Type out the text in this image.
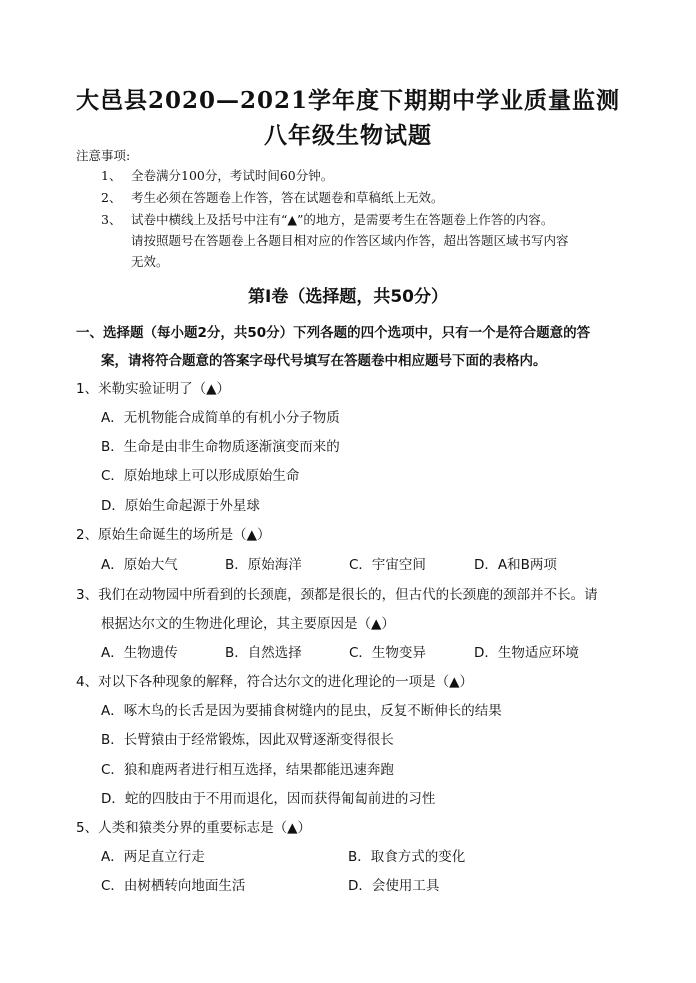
大邑县2020—2021学年度下期期中学业质量监测
八年级生物试题
注意事项:
1、 全卷满分100分，考试时间60分钟。
2、 考生必须在答题卷上作答，答在试题卷和草稿纸上无效。
3、 试卷中横线上及括号中注有“▲”的地方，是需要考生在答题卷上作答的内容。
请按照题号在答题卷上各题目相对应的作答区域内作答，超出答题区域书写内容
无效。
第Ⅰ卷（选择题，共50分）
一、选择题（每小题2分，共50分）下列各题的四个选项中，只有一个是符合题意的答
案，请将符合题意的答案字母代号填写在答题卷中相应题号下面的表格内。
1、米勒实验证明了（▲）
A．无机物能合成简单的有机小分子物质
B．生命是由非生命物质逐渐演变而来的
C．原始地球上可以形成原始生命
D．原始生命起源于外星球
2、原始生命诞生的场所是（▲）
A．原始大气	B．原始海洋	C．宇宙空间	D．A和B两项
3、我们在动物园中所看到的长颈鹿，颈都是很长的，但古代的长颈鹿的颈部并不长。请
根据达尔文的生物进化理论，其主要原因是（▲）
A．生物遗传	B．自然选择	C．生物变异	D．生物适应环境
4、对以下各种现象的解释，符合达尔文的进化理论的一项是（▲）
A．啄木鸟的长舌是因为要捕食树缝内的昆虫，反复不断伸长的结果
B．长臂猿由于经常锻炼，因此双臂逐渐变得很长
C．狼和鹿两者进行相互选择，结果都能迅速奔跑
D．蛇的四肢由于不用而退化，因而获得匍匐前进的习性
5、人类和猿类分界的重要标志是（▲）
A．两足直立行走	B．取食方式的变化
C．由树栖转向地面生活	D．会使用工具
